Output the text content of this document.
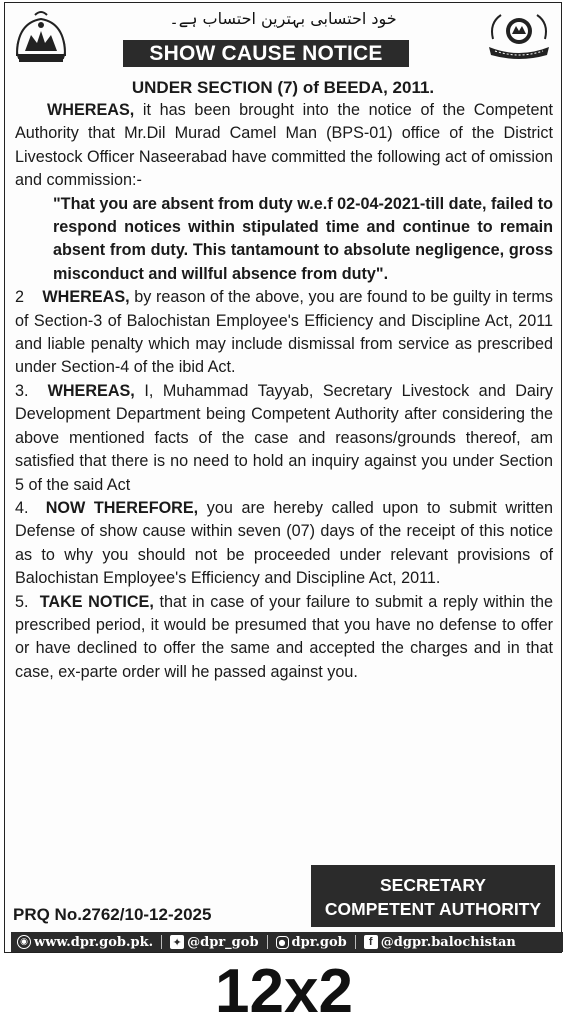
خود احتسابی بہترین احتساب ہے۔
SHOW CAUSE NOTICE
UNDER SECTION (7) of BEEDA, 2011.

WHEREAS, it has been brought into the notice of the Competent Authority that Mr.Dil Murad Camel Man (BPS-01) office of the District Livestock Officer Naseerabad have committed the following act of omission and commission:-

"That you are absent from duty w.e.f 02-04-2021-till date, failed to respond notices within stipulated time and continue to remain absent from duty. This tantamount to absolute negligence, gross misconduct and willful absence from duty".

2    WHEREAS, by reason of the above, you are found to be guilty in terms of Section-3 of Balochistan Employee's Efficiency and Discipline Act, 2011 and liable penalty which may include dismissal from service as prescribed under Section-4 of the ibid Act.

3.  WHEREAS, I, Muhammad Tayyab, Secretary Livestock and Dairy Development Department being Competent Authority after considering the above mentioned facts of the case and reasons/grounds thereof, am satisfied that there is no need to hold an inquiry against you under Section 5 of the said Act

4.  NOW THEREFORE, you are hereby called upon to submit written Defense of show cause within seven (07) days of the receipt of this notice as to why you should not be proceeded under relevant provisions of Balochistan Employee's Efficiency and Discipline Act, 2011.

5.  TAKE NOTICE, that in case of your failure to submit a reply within the prescribed period, it would be presumed that you have no defense to offer or have declined to offer the same and accepted the charges and in that case, ex-parte order will he passed against you.

PRQ No.2762/10-12-2025
SECRETARY
COMPETENT AUTHORITY
◉ www.dpr.gob.pk. ✦ @dpr_gob	● dpr.gob	f @dgpr.balochistan
12x2
